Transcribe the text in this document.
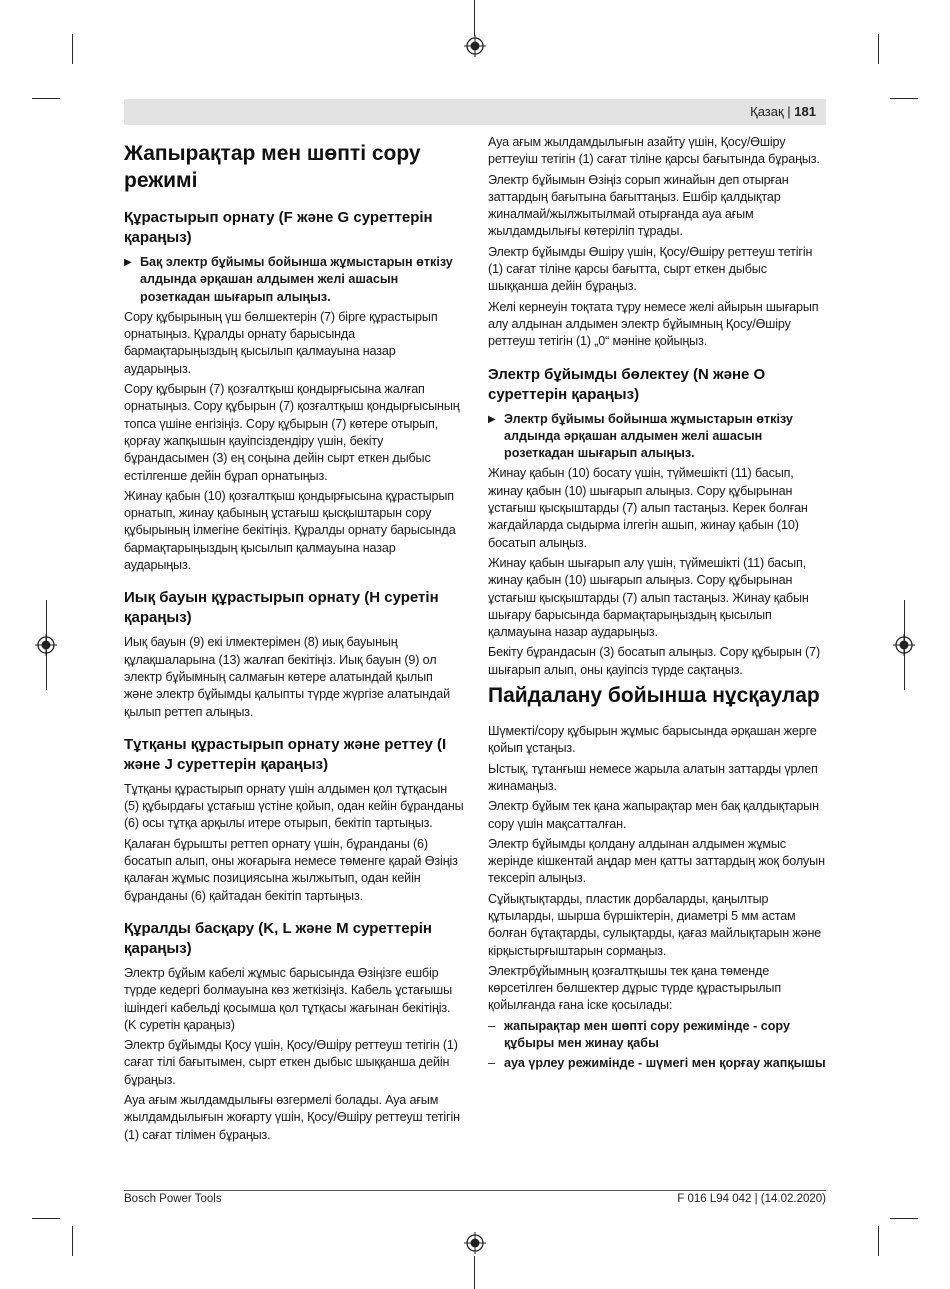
Қазақ | 181
Жапырақтар мен шөпті сору режимі
Құрастырып орнату (F және G суреттерін қараңыз)
▶ Бақ электр бұйымы бойынша жұмыстарын өткізу алдында әрқашан алдымен желі ашасын розеткадан шығарып алыңыз.

Сору құбырының үш бөлшектерін (7) бірге құрастырып орнатыңыз. Құралды орнату барысында бармақтарыңыздың қысылып қалмауына назар аударыңыз.

Сору құбырын (7) қозғалтқыш қондырғысына жалғап орнатыңыз. Сору құбырын (7) қозғалтқыш қондырғысының топса үшіне енгізіңіз. Сору құбырын (7) көтере отырып, қорғау жапқышын қауіпсіздендіру үшін, бекіту бұрандасымен (3) ең соңына дейін сырт еткен дыбыс естілгенше дейін бұрап орнатыңыз.

Жинау қабын (10) қозғалтқыш қондырғысына құрастырып орнатып, жинау қабының ұстағыш қысқыштарын сору құбырының ілмегіне бекітіңіз. Құралды орнату барысында бармақтарыңыздың қысылып қалмауына назар аударыңыз.

Иық бауын құрастырып орнату (H суретін қараңыз)

Иық бауын (9) екі ілмектерімен (8) иық бауының құлақшаларына (13) жалғап бекітіңіз. Иық бауын (9) ол электр бұйымның салмағын көтере алатындай қылып және электр бұйымды қалыпты түрде жүргізе алатындай қылып реттеп алыңыз.

Тұтқаны құрастырып орнату және реттеу (I және J суреттерін қараңыз)

Тұтқаны құрастырып орнату үшін алдымен қол тұтқасын (5) құбырдағы ұстағыш үстіне қойып, одан кейін бұранданы (6) осы тұтқа арқылы итере отырып, бекітіп тартыңыз.

Қалаған бұрышты реттеп орнату үшін, бұранданы (6) босатып алып, оны жоғарыға немесе төменге қарай Өзіңіз қалаған жұмыс позициясына жылжытып, одан кейін бұранданы (6) қайтадан бекітіп тартыңыз.

Құралды басқару (K, L және M суреттерін қараңыз)

Электр бұйым кабелі жұмыс барысында Өзіңізге ешбір түрде кедергі болмауына көз жеткізіңіз. Кабель ұстағышы ішіндегі кабельді қосымша қол тұтқасы жағынан бекітіңіз. (K суретін қараңыз)

Электр бұйымды Қосу үшін, Қосу/Өшіру реттеуш тетігін (1) сағат тілі бағытымен, сырт еткен дыбыс шыққанша дейін бұраңыз.

Ауа ағым жылдамдылығы өзгермелі болады. Ауа ағым жылдамдылығын жоғарту үшін, Қосу/Өшіру реттеуш тетігін (1) сағат тілімен бұраңыз.

Ауа ағым жылдамдылығын азайту үшін, Қосу/Өшіру реттеуіш тетігін (1) сағат тіліне қарсы бағытында бұраңыз.

Электр бұйымын Өзіңіз сорып жинайын деп отырған заттардың бағытына бағыттаңыз. Ешбір қалдықтар жиналмай/жылжытылмай отырғанда ауа ағым жылдамдылығы көтеріліп тұрады.

Электр бұйымды Өшіру үшін, Қосу/Өшіру реттеуш тетігін (1) сағат тіліне қарсы бағытта, сырт еткен дыбыс шыққанша дейін бұраңыз.

Желі кернеуін тоқтата тұру немесе желі айырын шығарып алу алдынан алдымен электр бұйымның Қосу/Өшіру реттеуш тетігін (1) „0“ мәніне қойыңыз.

Электр бұйымды бөлектеу (N және O суреттерін қараңыз)
▶ Электр бұйымы бойынша жұмыстарын өткізу алдында әрқашан алдымен желі ашасын розеткадан шығарып алыңыз.

Жинау қабын (10) босату үшін, түймешікті (11) басып, жинау қабын (10) шығарып алыңыз. Сору құбырынан ұстағыш қысқыштарды (7) алып тастаңыз. Керек болған жағдайларда сыдырма ілгегін ашып, жинау қабын (10) босатып алыңыз.

Жинау қабын шығарып алу үшін, түймешікті (11) басып, жинау қабын (10) шығарып алыңыз. Сору құбырынан ұстағыш қысқыштарды (7) алып тастаңыз. Жинау қабын шығару барысында бармақтарыңыздың қысылып қалмауына назар аударыңыз.

Бекіту бұрандасын (3) босатып алыңыз. Сору құбырын (7) шығарып алып, оны қауіпсіз түрде сақтаңыз.

Пайдалану бойынша нұсқаулар

Шүмекті/сору құбырын жұмыс барысында әрқашан жерге қойып ұстаңыз.

Ыстық, тұтанғыш немесе жарыла алатын заттарды үрлеп жинамаңыз.

Электр бұйым тек қана жапырақтар мен бақ қалдықтарын сору үшін мақсатталған.

Электр бұйымды қолдану алдынан алдымен жұмыс жерінде кішкентай аңдар мен қатты заттардың жоқ болуын тексеріп алыңыз.

Сұйықтықтарды, пластик дорбаларды, қаңылтыр құтыларды, шырша бүршіктерін, диаметрі 5 мм астам болған бұтақтарды, сулықтарды, қағаз майлықтарын және кірқыстырғыштарын сормаңыз.

Электрбұйымның қозғалтқышы тек қана төменде көрсетілген бөлшектер дұрыс түрде құрастырылып қойылғанда ғана іске қосылады:

– жапырақтар мен шөпті сору режимінде - сору құбыры мен жинау қабы
– ауа үрлеу режимінде - шүмегі мен қорғау жапқышы
Bosch Power Tools	F 016 L94 042 | (14.02.2020)
